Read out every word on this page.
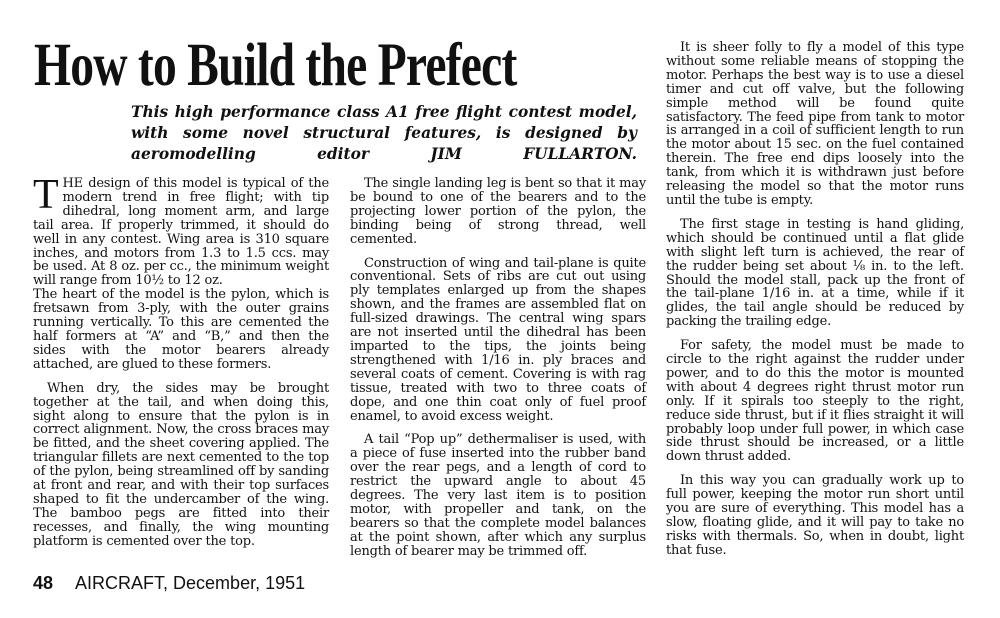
How to Build the Prefect

This high performance class A1 free flight contest model, with some novel structural features, is designed by aeromodelling editor JIM FULLARTON.

THE design of this model is typical of the modern trend in free flight; with tip dihedral, long moment arm, and large tail area. If properly trimmed, it should do well in any contest. Wing area is 310 square inches, and motors from 1.3 to 1.5 ccs. may be used. At 8 oz. per cc., the minimum weight will range from 10½ to 12 oz.

The heart of the model is the pylon, which is fretsawn from 3-ply, with the outer grains running vertically. To this are cemented the half formers at “A” and “B,” and then the sides with the motor bearers already attached, are glued to these formers.

When dry, the sides may be brought together at the tail, and when doing this, sight along to ensure that the pylon is in correct alignment. Now, the cross braces may be fitted, and the sheet covering applied. The triangular fillets are next cemented to the top of the pylon, being streamlined off by sanding at front and rear, and with their top surfaces shaped to fit the undercamber of the wing. The bamboo pegs are fitted into their recesses, and finally, the wing mounting platform is cemented over the top.

The single landing leg is bent so that it may be bound to one of the bearers and to the projecting lower portion of the pylon, the binding being of strong thread, well cemented.

Construction of wing and tail-plane is quite conventional. Sets of ribs are cut out using ply templates enlarged up from the shapes shown, and the frames are assembled flat on full-sized drawings. The central wing spars are not inserted until the dihedral has been imparted to the tips, the joints being strengthened with 1/16 in. ply braces and several coats of cement. Covering is with rag tissue, treated with two to three coats of dope, and one thin coat only of fuel proof enamel, to avoid excess weight.

A tail “Pop up” dethermaliser is used, with a piece of fuse inserted into the rubber band over the rear pegs, and a length of cord to restrict the upward angle to about 45 degrees. The very last item is to position motor, with propeller and tank, on the bearers so that the complete model balances at the point shown, after which any surplus length of bearer may be trimmed off.

It is sheer folly to fly a model of this type without some reliable means of stopping the motor. Perhaps the best way is to use a diesel timer and cut off valve, but the following simple method will be found quite satisfactory. The feed pipe from tank to motor is arranged in a coil of sufficient length to run the motor about 15 sec. on the fuel contained therein. The free end dips loosely into the tank, from which it is withdrawn just before releasing the model so that the motor runs until the tube is empty.

The first stage in testing is hand gliding, which should be continued until a flat glide with slight left turn is achieved, the rear of the rudder being set about ⅛ in. to the left. Should the model stall, pack up the front of the tail-plane 1/16 in. at a time, while if it glides, the tail angle should be reduced by packing the trailing edge.

For safety, the model must be made to circle to the right against the rudder under power, and to do this the motor is mounted with about 4 degrees right thrust motor run only. If it spirals too steeply to the right, reduce side thrust, but if it flies straight it will probably loop under full power, in which case side thrust should be increased, or a little down thrust added.

In this way you can gradually work up to full power, keeping the motor run short until you are sure of everything. This model has a slow, floating glide, and it will pay to take no risks with thermals. So, when in doubt, light that fuse.

48 AIRCRAFT, December, 1951
